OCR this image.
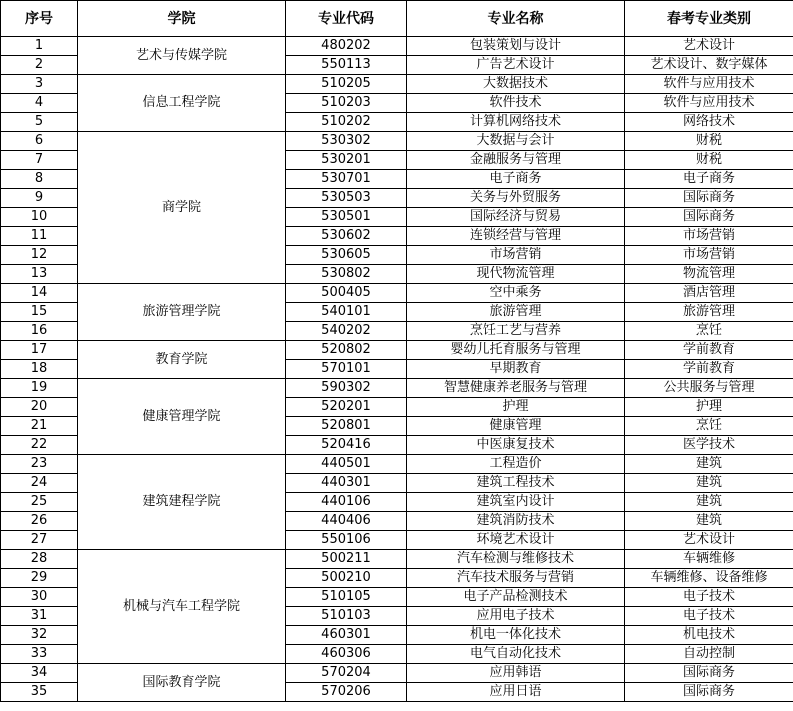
序号	学院	专业代码	专业名称	春考专业类别
1	艺术与传媒学院	480202	包装策划与设计	艺术设计
2		550113	广告艺术设计	艺术设计、数字媒体
3	信息工程学院	510205	大数据技术	软件与应用技术
4		510203	软件技术	软件与应用技术
5		510202	计算机网络技术	网络技术
6	商学院	530302	大数据与会计	财税
7		530201	金融服务与管理	财税
8		530701	电子商务	电子商务
9		530503	关务与外贸服务	国际商务
10		530501	国际经济与贸易	国际商务
11		530602	连锁经营与管理	市场营销
12		530605	市场营销	市场营销
13		530802	现代物流管理	物流管理
14	旅游管理学院	500405	空中乘务	酒店管理
15		540101	旅游管理	旅游管理
16		540202	烹饪工艺与营养	烹饪
17	教育学院	520802	婴幼儿托育服务与管理	学前教育
18		570101	早期教育	学前教育
19	健康管理学院	590302	智慧健康养老服务与管理	公共服务与管理
20		520201	护理	护理
21		520801	健康管理	烹饪
22		520416	中医康复技术	医学技术
23	建筑建程学院	440501	工程造价	建筑
24		440301	建筑工程技术	建筑
25		440106	建筑室内设计	建筑
26		440406	建筑消防技术	建筑
27		550106	环境艺术设计	艺术设计
28	机械与汽车工程学院	500211	汽车检测与维修技术	车辆维修
29		500210	汽车技术服务与营销	车辆维修、设备维修
30		510105	电子产品检测技术	电子技术
31		510103	应用电子技术	电子技术
32		460301	机电一体化技术	机电技术
33		460306	电气自动化技术	自动控制
34	国际教育学院	570204	应用韩语	国际商务
35		570206	应用日语	国际商务
